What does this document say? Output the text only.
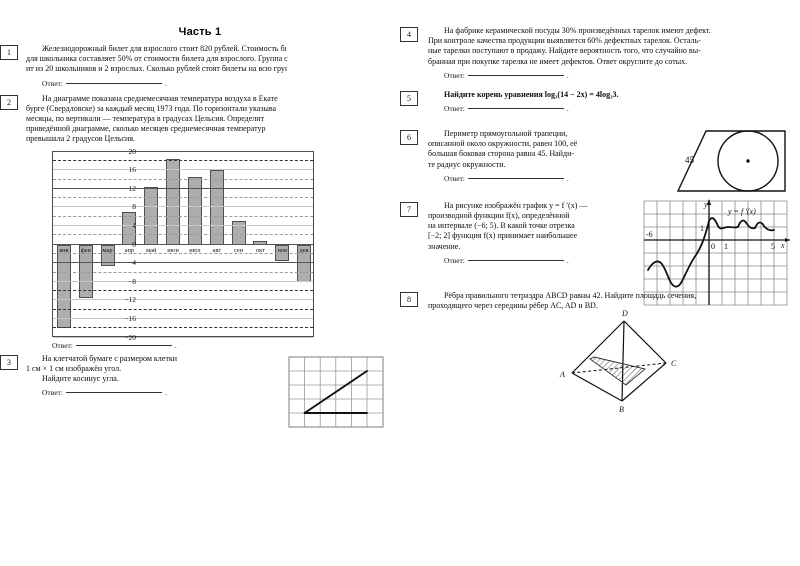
Часть 1
1	Железнодорожный билет для взрослого стоит 820 рублей. Стоимость бı
для школьника составляет 50% от стоимости билета для взрослого. Группа с
ит из 20 школьников и 2 взрослых. Сколько рублей стоят билеты на всю груı
Ответ:	.
2	На диаграмме показана среднемесячная температура воздуха в Екате
бурге (Свердловске) за каждый месяц 1973 года. По горизонтали указыва
месяцы, по вертикали — температура в градусах Цельсия. Определит
приведённой диаграмме, сколько месяцев среднемесячная температур
превышала 2 градусов Цельсия.
янв	фев	мар	апр	май	июн	июл	авг	сен	окт	ноя	дек
20
16
12
8
4
0
−4
−8
−12
−16
−20
Ответ:	.
3	На клетчатой бумаге с размером клетки
1 см × 1 см изображён угол.
Найдите косинус угла.
Ответ:	.
4	На фабрике керамической посуды 30% произведённых тарелок имеют дефект.
При контроле качества продукции выявляется 60% дефектных тарелок. Осталь-
ные тарелки поступают в продажу. Найдите вероятность того, что случайно вы-
бранная при покупке тарелка не имеет дефектов. Ответ округлите до сотых.
Ответ:	.
5	Найдите корень уравнения log₃(14 − 2x) = 4log₃3.
Ответ:	.
6	Периметр прямоугольной трапеции,
описанной около окружности, равен 100, её
большая боковая сторона равна 45. Найди-
те радиус окружности.
Ответ:	.
45
7	На рисунке изображён график y = f ′(x) —
производной функции f(x), определённой
на интервале (−6; 5). В какой точке отрезка
[−2; 2] функция f(x) принимает наибольшее
значение.
Ответ:	.
y = f ′(x)
-6
0 1	5
1
y
x
8	Рёбра правильного тетраэдра ABCD равны 42. Найдите площадь сечения,
проходящего через середины рёбер AC, AD и BD.
D
A
C
B
